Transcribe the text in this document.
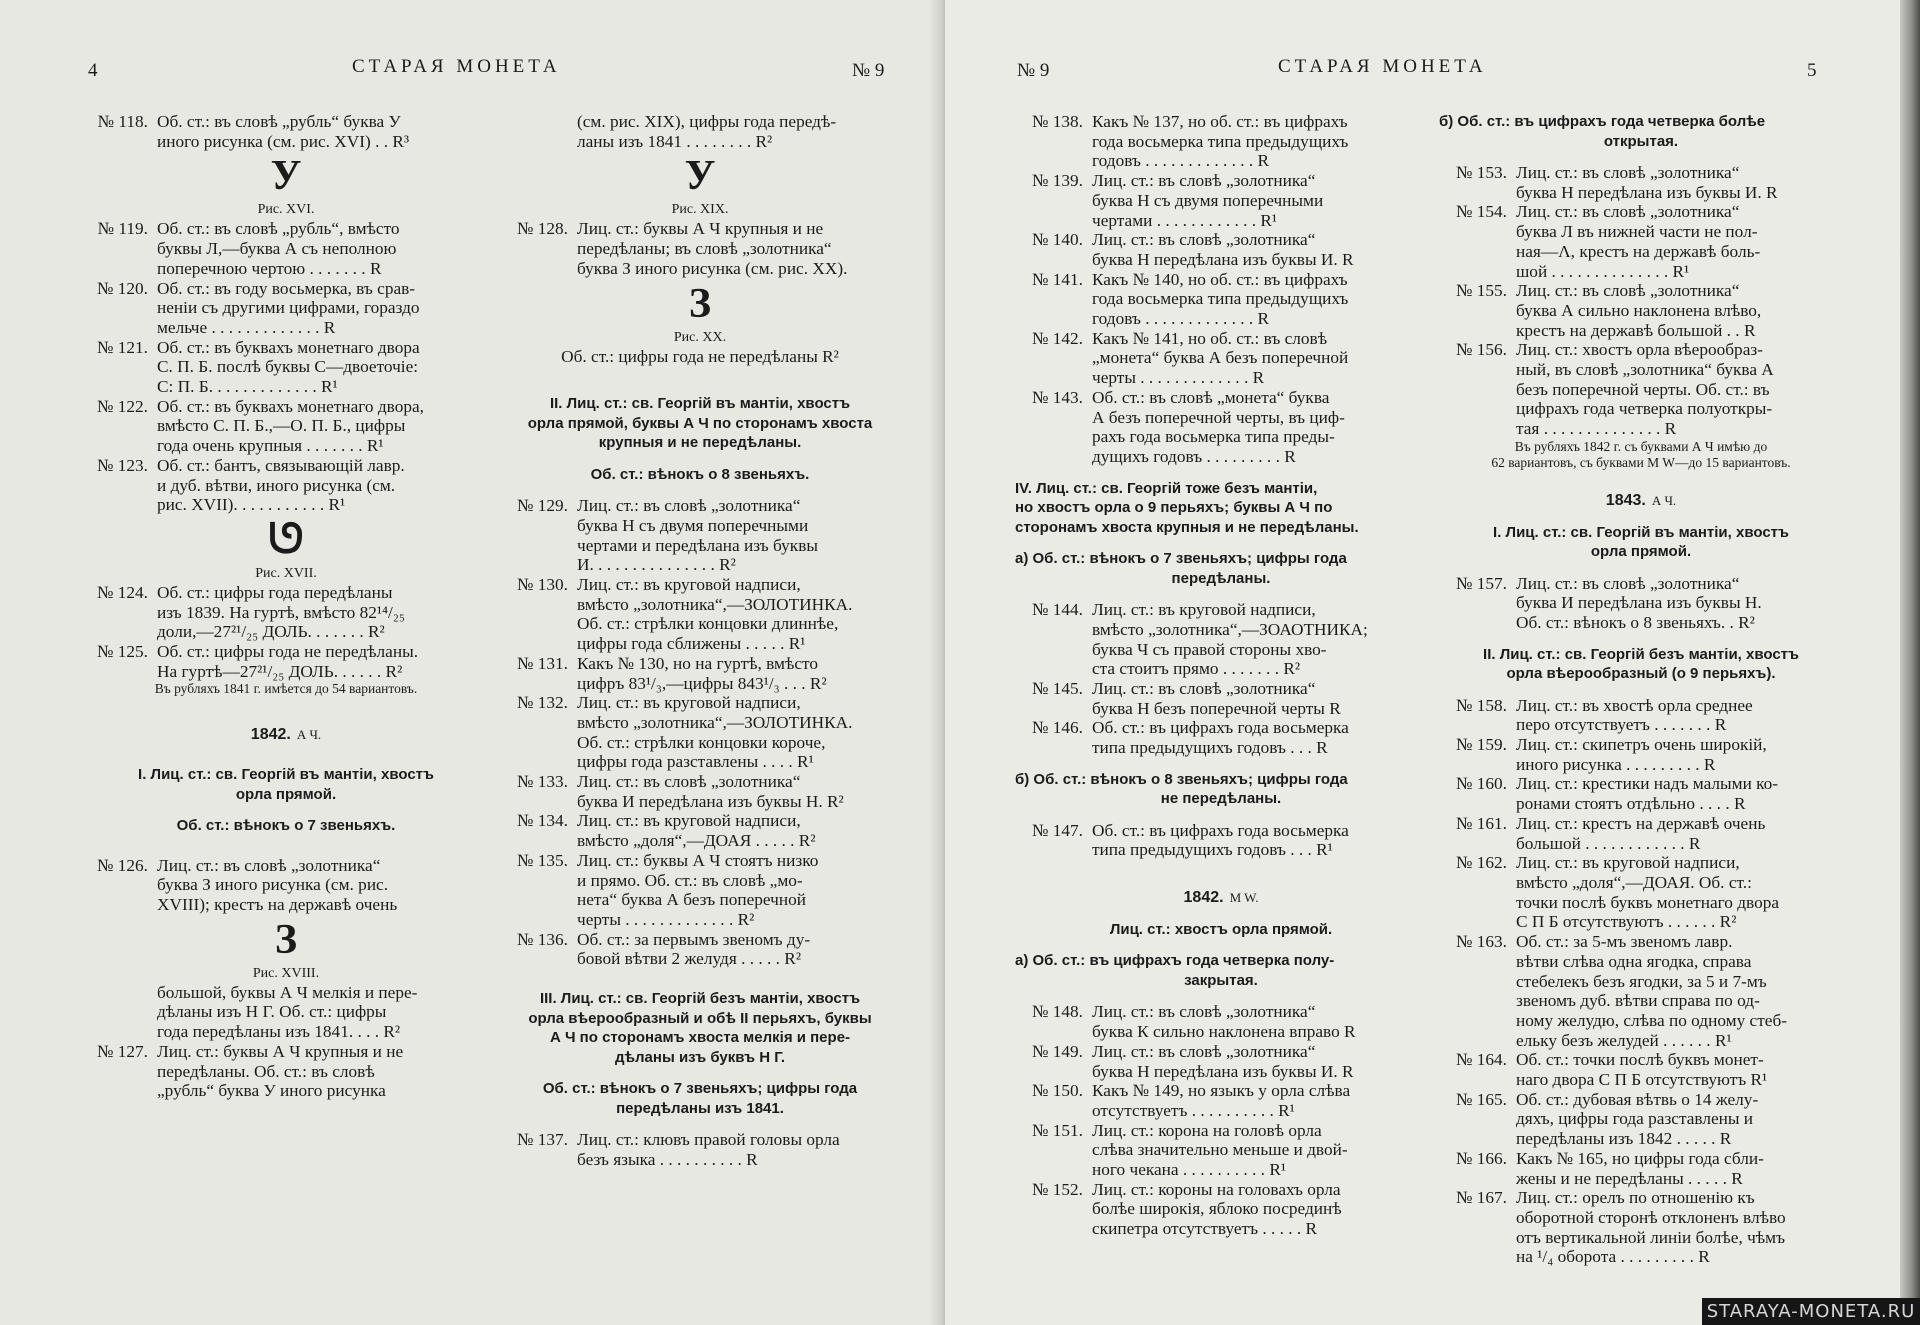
4	СТАРАЯ МОНЕТА	№ 9
№ 118. Об. ст.: въ словѣ „рубль“ буква У
иного рисунка (см. рис. XVI) . . R³
У
Рис. XVI.
№ 119. Об. ст.: въ словѣ „рубль“, вмѣсто
буквы Л,—буква А съ неполною
поперечною чертою . . . . . . . R
№ 120. Об. ст.: въ году восьмерка, въ срав-
неніи съ другими цифрами, гораздо
мельче . . . . . . . . . . . . . R
№ 121. Об. ст.: въ буквахъ монетнаго двора
С. П. Б. послѣ буквы С—двоеточіе:
С: П. Б. . . . . . . . . . . . . R¹
№ 122. Об. ст.: въ буквахъ монетнаго двора,
вмѣсто С. П. Б.,—О. П. Б., цифры
года очень крупныя . . . . . . . R¹
№ 123. Об. ст.: бантъ, связывающій лавр.
и дуб. вѣтви, иного рисунка (см.
рис. XVII). . . . . . . . . . . R¹
ᘎ
Рис. XVII.
№ 124. Об. ст.: цифры года передѣланы
изъ 1839. На гуртѣ, вмѣсто 82¹⁴/₂₅
доли,—27²¹/₂₅ ДОЛЬ. . . . . . . R²
№ 125. Об. ст.: цифры года не передѣланы.
На гуртѣ—27²¹/₂₅ ДОЛЬ. . . . . . R²
Въ рубляхъ 1841 г. имѣется до 54 вариантовъ.
1842. А Ч.
I. Лиц. ст.: св. Георгій въ мантіи, хвостъ
орла прямой.
Об. ст.: вѣнокъ о 7 звеньяхъ.
№ 126. Лиц. ст.: въ словѣ „золотника“
буква З иного рисунка (см. рис.
XVIII); крестъ на державѣ очень
З
Рис. XVIII.
большой, буквы А Ч мелкія и пере-
дѣланы изъ Н Г. Об. ст.: цифры
года передѣланы изъ 1841. . . . R²
№ 127. Лиц. ст.: буквы А Ч крупныя и не
передѣланы. Об. ст.: въ словѣ
„рубль“ буква У иного рисунка
(см. рис. XIX), цифры года передѣ-
ланы изъ 1841 . . . . . . . . R²
У
Рис. XIX.
№ 128. Лиц. ст.: буквы А Ч крупныя и не
передѣланы; въ словѣ „золотника“
буква З иного рисунка (см. рис. XX).
З
Рис. XX.
Об. ст.: цифры года не передѣланы R²
II. Лиц. ст.: св. Георгій въ мантіи, хвостъ
орла прямой, буквы А Ч по сторонамъ хвоста
крупныя и не передѣланы.
Об. ст.: вѣнокъ о 8 звеньяхъ.
№ 129. Лиц. ст.: въ словѣ „золотника“
буква Н съ двумя поперечными
чертами и передѣлана изъ буквы
И. . . . . . . . . . . . . . . R²
№ 130. Лиц. ст.: въ круговой надписи,
вмѣсто „золотника“,—ЗОЛОТИНКА.
Об. ст.: стрѣлки концовки длиннѣе,
цифры года сближены . . . . . R¹
№ 131. Какъ № 130, но на гуртѣ, вмѣсто
цифръ 83¹/₃,—цифры 843¹/₃ . . . R²
№ 132. Лиц. ст.: въ круговой надписи,
вмѣсто „золотника“,—ЗОЛОТИНКА.
Об. ст.: стрѣлки концовки короче,
цифры года разставлены . . . . R¹
№ 133. Лиц. ст.: въ словѣ „золотника“
буква И передѣлана изъ буквы Н. R²
№ 134. Лиц. ст.: въ круговой надписи,
вмѣсто „доля“,—ДОАЯ . . . . . R²
№ 135. Лиц. ст.: буквы А Ч стоятъ низко
и прямо. Об. ст.: въ словѣ „мо-
нета“ буква А безъ поперечной
черты . . . . . . . . . . . . . R²
№ 136. Об. ст.: за первымъ звеномъ ду-
бовой вѣтви 2 желудя . . . . . R²
III. Лиц. ст.: св. Георгій безъ мантіи, хвостъ
орла вѣерообразный и обѣ II перьяхъ, буквы
А Ч по сторонамъ хвоста мелкія и пере-
дѣланы изъ буквъ Н Г.
Об. ст.: вѣнокъ о 7 звеньяхъ; цифры года
передѣланы изъ 1841.
№ 137. Лиц. ст.: клювъ правой головы орла
безъ языка . . . . . . . . . . R
№ 9	СТАРАЯ МОНЕТА	5
№ 138. Какъ № 137, но об. ст.: въ цифрахъ
года восьмерка типа предыдущихъ
годовъ . . . . . . . . . . . . . R
№ 139. Лиц. ст.: въ словѣ „золотника“
буква Н съ двумя поперечными
чертами . . . . . . . . . . . . R¹
№ 140. Лиц. ст.: въ словѣ „золотника“
буква Н передѣлана изъ буквы И. R
№ 141. Какъ № 140, но об. ст.: въ цифрахъ
года восьмерка типа предыдущихъ
годовъ . . . . . . . . . . . . . R
№ 142. Какъ № 141, но об. ст.: въ словѣ
„монета“ буква А безъ поперечной
черты . . . . . . . . . . . . . R
№ 143. Об. ст.: въ словѣ „монета“ буква
А безъ поперечной черты, въ циф-
рахъ года восьмерка типа преды-
дущихъ годовъ . . . . . . . . . R
IV. Лиц. ст.: св. Георгій тоже безъ мантіи,
но хвостъ орла о 9 перьяхъ; буквы А Ч по
сторонамъ хвоста крупныя и не передѣланы.
а) Об. ст.: вѣнокъ о 7 звеньяхъ; цифры года
передѣланы.
№ 144. Лиц. ст.: въ круговой надписи,
вмѣсто „золотника“,—ЗОАОТНИКА;
буква Ч съ правой стороны хво-
ста стоитъ прямо . . . . . . . R²
№ 145. Лиц. ст.: въ словѣ „золотника“
буква Н безъ поперечной черты R
№ 146. Об. ст.: въ цифрахъ года восьмерка
типа предыдущихъ годовъ . . . R
б) Об. ст.: вѣнокъ о 8 звеньяхъ; цифры года
не передѣланы.
№ 147. Об. ст.: въ цифрахъ года восьмерка
типа предыдущихъ годовъ . . . R¹
1842. M W.
Лиц. ст.: хвостъ орла прямой.
а) Об. ст.: въ цифрахъ года четверка полу-
закрытая.
№ 148. Лиц. ст.: въ словѣ „золотника“
буква К сильно наклонена вправо R
№ 149. Лиц. ст.: въ словѣ „золотника“
буква Н передѣлана изъ буквы И. R
№ 150. Какъ № 149, но языкъ у орла слѣва
отсутствуетъ . . . . . . . . . . R¹
№ 151. Лиц. ст.: корона на головѣ орла
слѣва значительно меньше и двой-
ного чекана . . . . . . . . . . R¹
№ 152. Лиц. ст.: короны на головахъ орла
болѣе широкія, яблоко посрединѣ
скипетра отсутствуетъ . . . . . R
б) Об. ст.: въ цифрахъ года четверка болѣе
открытая.
№ 153. Лиц. ст.: въ словѣ „золотника“
буква Н передѣлана изъ буквы И. R
№ 154. Лиц. ст.: въ словѣ „золотника“
буква Л въ нижней части не пол-
ная—Λ, крестъ на державѣ боль-
шой . . . . . . . . . . . . . . R¹
№ 155. Лиц. ст.: въ словѣ „золотника“
буква А сильно наклонена влѣво,
крестъ на державѣ большой . . R
№ 156. Лиц. ст.: хвостъ орла вѣерообраз-
ный, въ словѣ „золотника“ буква А
безъ поперечной черты. Об. ст.: въ
цифрахъ года четверка полуоткры-
тая . . . . . . . . . . . . . . R
Въ рубляхъ 1842 г. съ буквами А Ч имѣю до
62 вариантовъ, съ буквами M W—до 15 вариантовъ.
1843. А Ч.
I. Лиц. ст.: св. Георгій въ мантіи, хвостъ
орла прямой.
№ 157. Лиц. ст.: въ словѣ „золотника“
буква И передѣлана изъ буквы Н.
Об. ст.: вѣнокъ о 8 звеньяхъ. . R²
II. Лиц. ст.: св. Георгій безъ мантіи, хвостъ
орла вѣерообразный (о 9 перьяхъ).
№ 158. Лиц. ст.: въ хвостѣ орла среднее
перо отсутствуетъ . . . . . . . R
№ 159. Лиц. ст.: скипетръ очень широкій,
иного рисунка . . . . . . . . . R
№ 160. Лиц. ст.: крестики надъ малыми ко-
ронами стоятъ отдѣльно . . . . R
№ 161. Лиц. ст.: крестъ на державѣ очень
большой . . . . . . . . . . . . R
№ 162. Лиц. ст.: въ круговой надписи,
вмѣсто „доля“,—ДОАЯ. Об. ст.:
точки послѣ буквъ монетнаго двора
С П Б отсутствуютъ . . . . . . R²
№ 163. Об. ст.: за 5-мъ звеномъ лавр.
вѣтви слѣва одна ягодка, справа
стебелекъ безъ ягодки, за 5 и 7-мъ
звеномъ дуб. вѣтви справа по од-
ному желудю, слѣва по одному стеб-
ельку безъ желудей . . . . . . R¹
№ 164. Об. ст.: точки послѣ буквъ монет-
наго двора С П Б отсутствуютъ R¹
№ 165. Об. ст.: дубовая вѣтвь о 14 желу-
дяхъ, цифры года разставлены и
передѣланы изъ 1842 . . . . . R
№ 166. Какъ № 165, но цифры года сбли-
жены и не передѣланы . . . . . R
№ 167. Лиц. ст.: орелъ по отношенію къ
оборотной сторонѣ отклоненъ влѣво
отъ вертикальной линіи болѣе, чѣмъ
на ¹/₄ оборота . . . . . . . . . R
STARAYA-MONETA.RU
